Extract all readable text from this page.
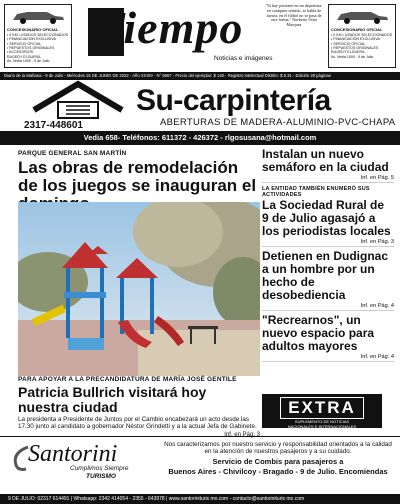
CONCESIONARIO OFICIAL
• 0 KM • USADOS SELECCIONADOS
• FINANCIACIÓN EXCLUSIVA
• SERVICIO OFICIAL
• REPUESTOS ORIGINALES
• ACCESORIOS
RUGEDY ELGUERA
Av. Vedia 1000 - 9 de Julio
Tiempo
Noticias e imágenes
"Si hay pasiones en un deportista, en cualquier sentido, se habla de fuerza, en el fútbol no se pasa de otra forma." Norberto Ortiz Marquez
CONCESIONARIO OFICIAL
• 0 KM • USADOS SELECCIONADOS
• FINANCIACIÓN EXCLUSIVA
• SERVICIO OFICIAL
• REPUESTOS ORIGINALES
RUGEDY ELGUERA
Av. Vedia 1000 - 9 de Julio
Diario de la Mañana - 9 de Julio - Miércoles 15 DE JUNIO DE 2022 - Año XXXIII - N° 9567 - Precio del ejemplar: $ 140.- Registro Intelectual Distrito: $ 5.31.- Edición 28 páginas
2317-448601
Su-carpintería
ABERTURAS DE MADERA-ALUMINIO-PVC-CHAPA
Vedia 658- Teléfonos: 611372 - 426372 - rlgosusana@hotmail.com
PARQUE GENERAL SAN MARTÍN
Las obras de remodelación de los juegos se inauguran el
PARA APOYAR A LA PRECANDIDATURA DE MARÍA JOSÉ GENTILE
Patricia Bullrich visitará hoy nuestra ciudad
La presidenta a Presidente de Juntos por el Cambio encabezará un acto desde las 17.30 junto al candidato a gobernador Néstor Grindetti y a la actual Jefa de Gabinete.
Inf. en Pág. 3
Instalan un nuevo semáforo en la ciudad
Inf. en Pág. 5
LA ENTIDAD TAMBIÉN ENUMERÓ SUS ACTIVIDADES
La Sociedad Rural de 9 de Julio agasajó a los periodistas locales
Inf. en Pág. 3
Detienen en Dudignac a un hombre por un hecho de desobediencia
Inf. en Pág. 4
"Recrearnos", un nuevo espacio para adultos mayores
Inf. en Pág. 4
EXTRA
SUPLEMENTO DE NOTICIAS
NACIONALES E INTERNACIONALES
Santorini
Cumplimos Siempre
TURISMO
Nos caracterizamos por nuestro servicio y responsabilidad orientados a la calidad en la atención de nuestros pasajeros y a su cuidado.
Servicio de Combis para pasajeros a
Buenos Aires - Chivilcoy - Bragado - 9 de Julio. Encomiendas
9 DE JULIO: 02317 614491 | Whatsapp: 2342 414054 - 2355 - 643978 | www.santorinituris mo.com - contacto@santorinituris mo.com
